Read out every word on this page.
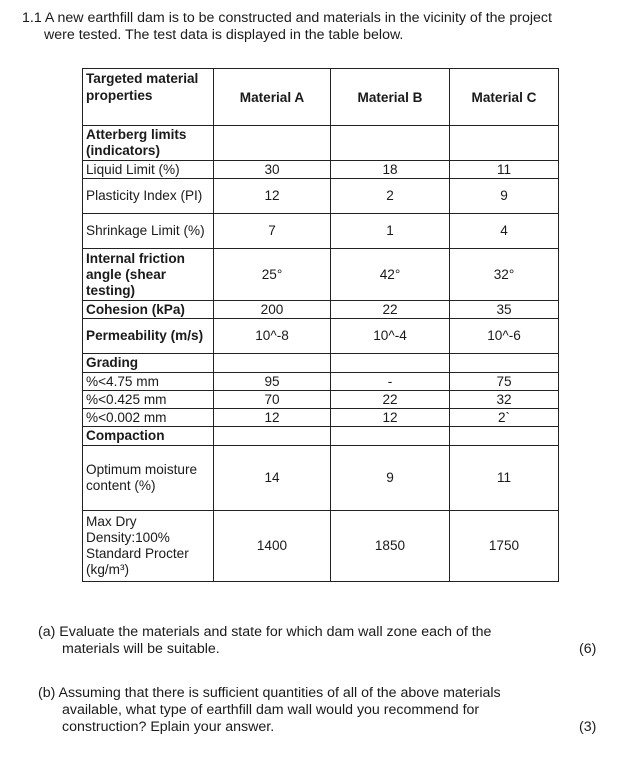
1.1 A new earthfill dam is to be constructed and materials in the vicinity of the project
were tested. The test data is displayed in the table below.
Targeted material properties	Material A	Material B	Material C
Atterberg limits (indicators)			
Liquid Limit (%)	30	18	11
Plasticity Index (PI)	12	2	9
Shrinkage Limit (%)	7	1	4
Internal friction angle (shear testing)	25°	42°	32°
Cohesion (kPa)	200	22	35
Permeability (m/s)	10^-8	10^-4	10^-6
Grading			
%<4.75 mm	95	-	75
%<0.425 mm	70	22	32
%<0.002 mm	12	12	2`
Compaction			
Optimum moisture content (%)	14	9	11
Max Dry Density:100% Standard Procter (kg/m³)	1400	1850	1750
(a) Evaluate the materials and state for which dam wall zone each of the
materials will be suitable.	(6)
(b) Assuming that there is sufficient quantities of all of the above materials
available, what type of earthfill dam wall would you recommend for
construction? Eplain your answer.	(3)
